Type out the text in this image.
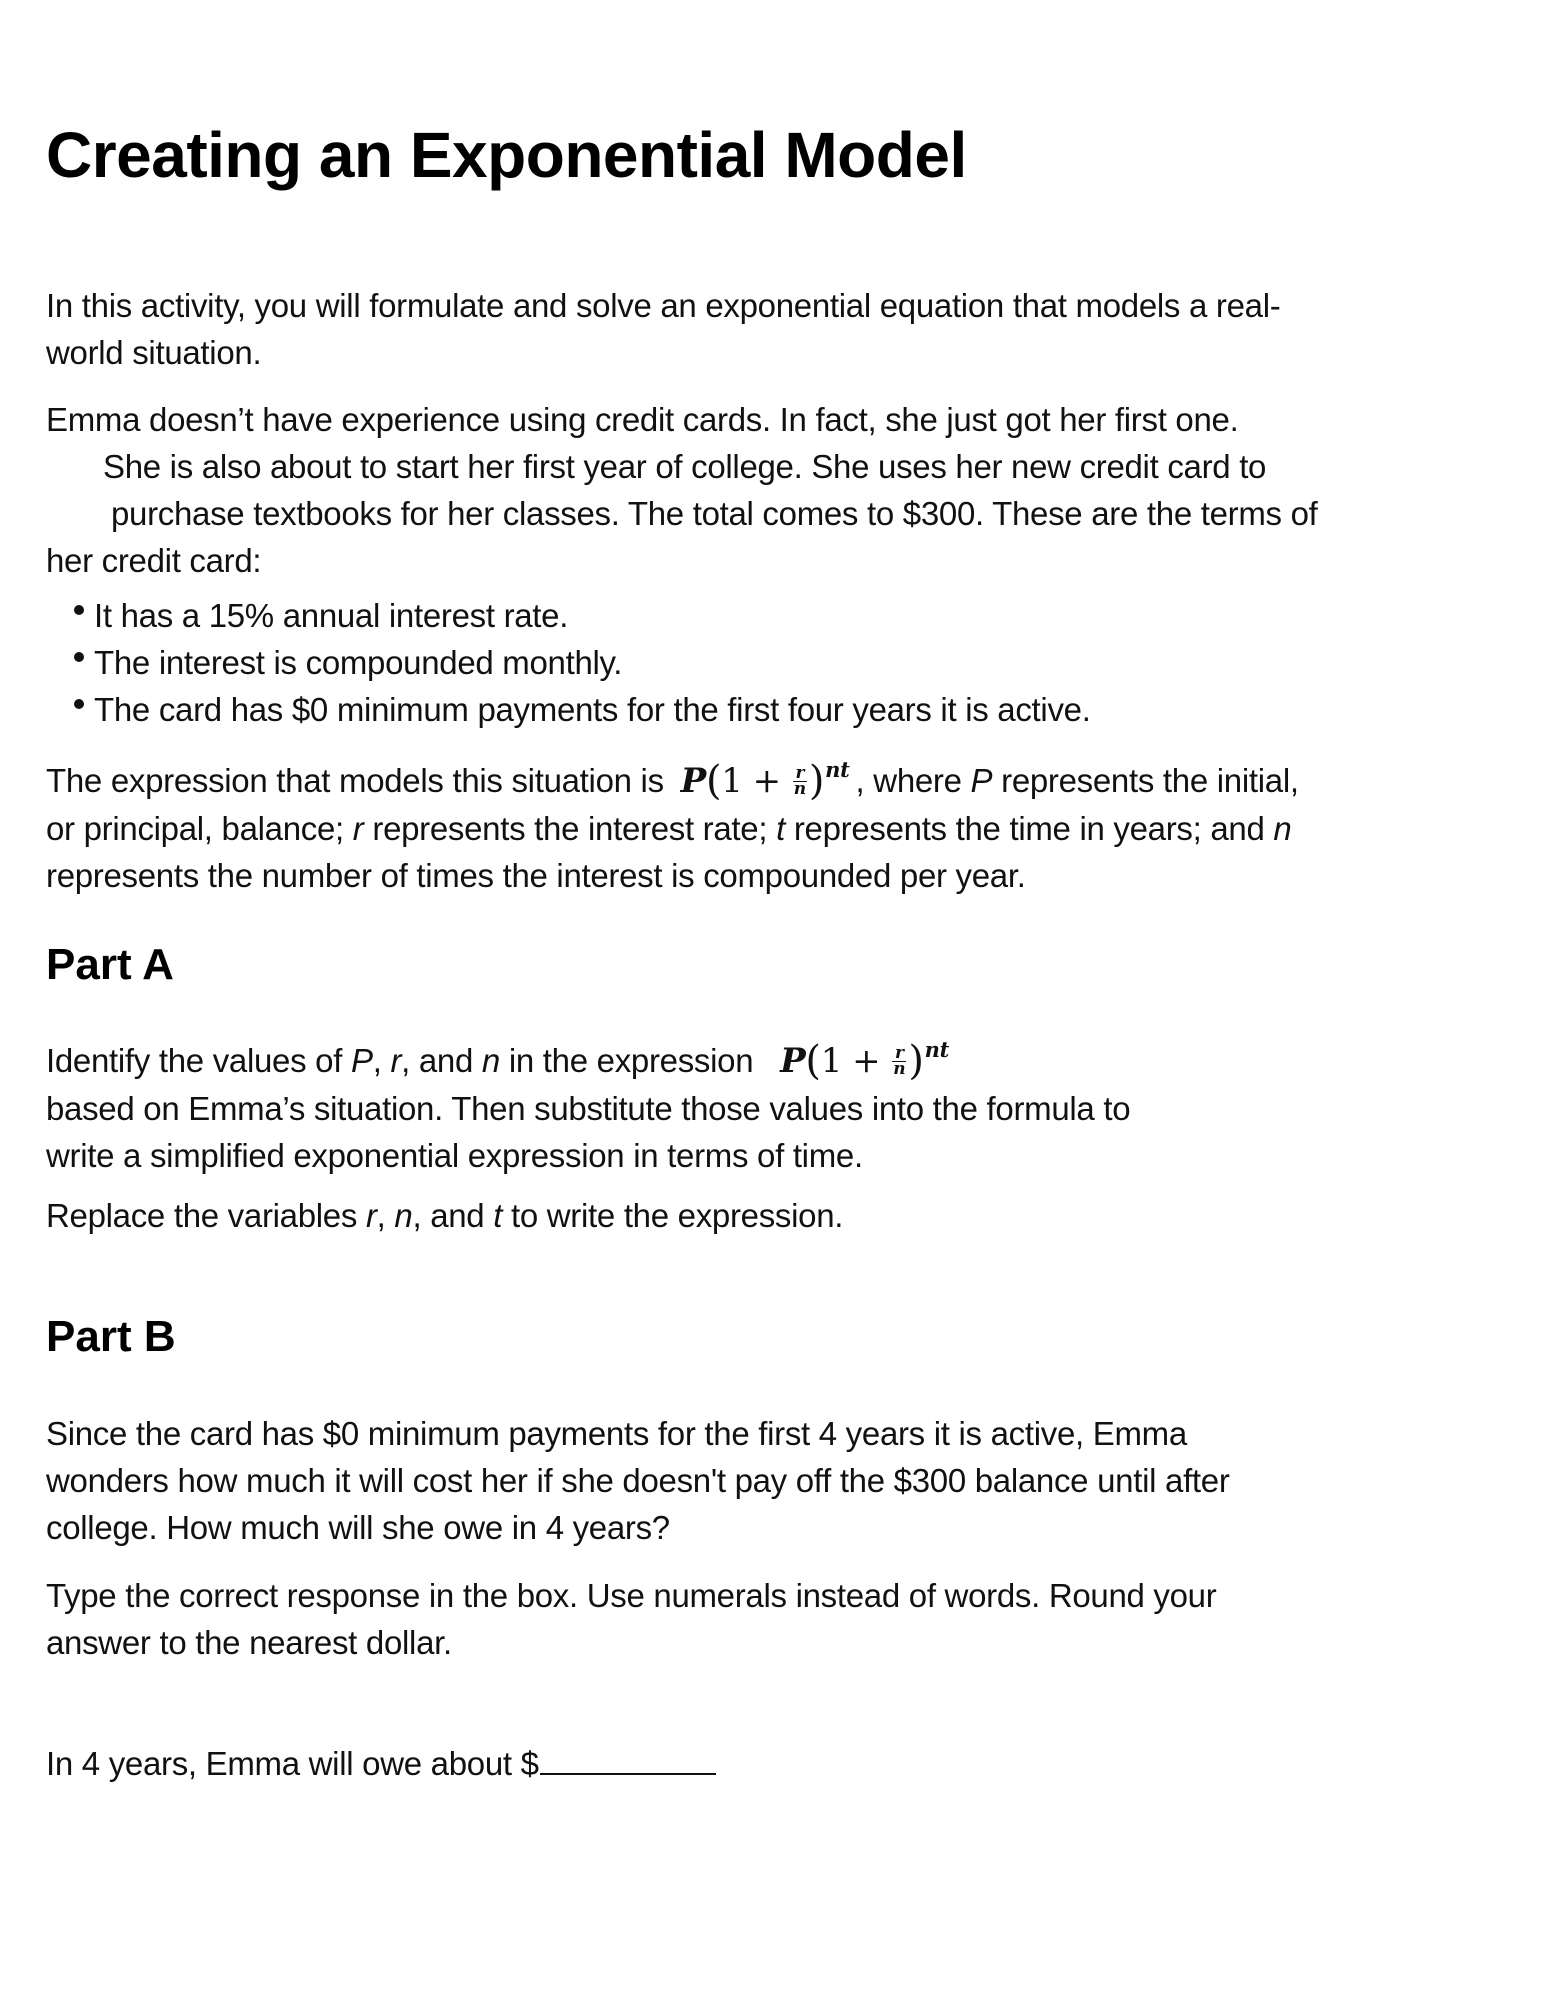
Creating an Exponential Model

In this activity, you will formulate and solve an exponential equation that models a real-
world situation.

Emma doesn’t have experience using credit cards. In fact, she just got her first one.
She is also about to start her first year of college. She uses her new credit card to
purchase textbooks for her classes. The total comes to $300. These are the terms of
her credit card:

It has a 15% annual interest rate.
The interest is compounded monthly.
The card has $0 minimum payments for the first four years it is active.

The expression that models this situation is $P(1 + \frac{r}{n} )^{nt}$ , where P represents the initial,
or principal, balance; r represents the interest rate; t represents the time in years; and n
represents the number of times the interest is compounded per year.

Part A

Identify the values of P, r, and n in the expression $P(1 + \frac{r}{n} )^{nt}$
based on Emma’s situation. Then substitute those values into the formula to
write a simplified exponential expression in terms of time.

Replace the variables r, n, and t to write the expression.

Part B

Since the card has $0 minimum payments for the first 4 years it is active, Emma
wonders how much it will cost her if she doesn't pay off the $300 balance until after
college. How much will she owe in 4 years?

Type the correct response in the box. Use numerals instead of words. Round your
answer to the nearest dollar.

In 4 years, Emma will owe about $
